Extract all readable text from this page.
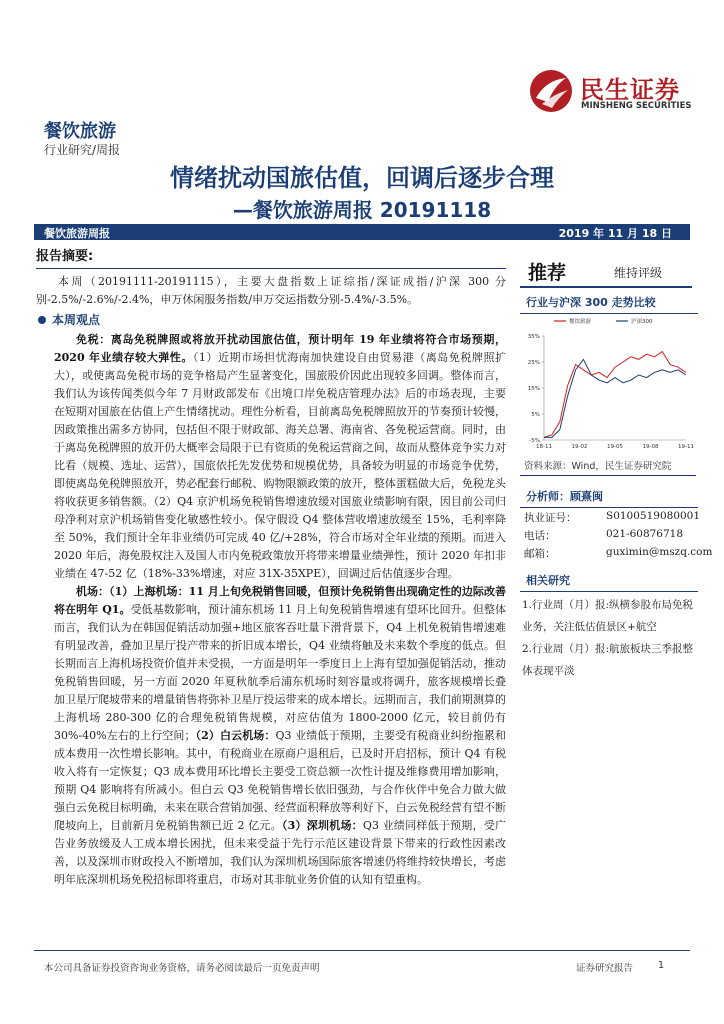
民生证券
MINSHENG SECURITIES
餐饮旅游
行业研究/周报
情绪扰动国旅估值，回调后逐步合理
—餐饮旅游周报 20191118
餐饮旅游周报	2019 年 11 月 18 日
报告摘要:

本周（20191111-20191115），主要大盘指数上证综指/深证成指/沪深 300 分别-2.5%/-2.6%/-2.4%，申万休闲服务指数/申万交运指数分别-5.4%/-3.5%。

本周观点

免税：离岛免税牌照或将放开扰动国旅估值，预计明年 19 年业绩将符合市场预期，2020 年业绩存较大弹性。（1）近期市场担忧海南加快建设自由贸易港（离岛免税牌照扩大），或使离岛免税市场的竞争格局产生显著变化，国旅股价因此出现较多回调。整体而言，我们认为该传闻类似今年 7 月财政部发布《出境口岸免税店管理办法》后的市场表现，主要在短期对国旅在估值上产生情绪扰动。理性分析看，目前离岛免税牌照放开的节奏预计较慢，因政策推出需多方协同，包括但不限于财政部、海关总署、海南省、各免税运营商。同时，由于离岛免税牌照的放开仍大概率会局限于已有资质的免税运营商之间，故而从整体竞争实力对比看（规模、选址、运营），国旅依托先发优势和规模优势，具备较为明显的市场竞争优势，即使离岛免税牌照放开，势必配套行邮税、购物限额政策的放开，整体蛋糕做大后，免税龙头将收获更多销售额。（2）Q4 京沪机场免税销售增速放缓对国旅业绩影响有限，因目前公司归母净利对京沪机场销售变化敏感性较小。保守假设 Q4 整体营收增速放缓至 15%，毛利率降至 50%，我们预计全年非业绩仍可完成 40 亿/+28%，符合市场对全年业绩的预期。而进入 2020 年后，海免股权注入及国人市内免税政策放开将带来增量业绩弹性，预计 2020 年扣非业绩在 47-52 亿（18%-33%增速，对应 31X-35XPE），回调过后估值逐步合理。

机场：（1）上海机场：11 月上旬免税销售回暖，但预计免税销售出现确定性的边际改善将在明年 Q1。受低基数影响，预计浦东机场 11 月上旬免税销售增速有望环比回升。但整体而言，我们认为在韩国促销活动加强+地区旅客吞吐量下滑背景下，Q4 上机免税销售增速难有明显改善，叠加卫星厅投产带来的折旧成本增长，Q4 业绩将触及未来数个季度的低点。但长期而言上海机场投资价值并未受损，一方面是明年一季度日上上海有望加强促销活动，推动免税销售回暖，另一方面 2020 年夏秋航季后浦东机场时刻容量或将调升，旅客规模增长叠加卫星厅爬坡带来的增量销售将弥补卫星厅投运带来的成本增长。远期而言，我们前期测算的上海机场 280-300 亿的合理免税销售规模，对应估值为 1800-2000 亿元，较目前仍有 30%-40%左右的上行空间；（2）白云机场：Q3 业绩低于预期，主要受有税商业纠纷拖累和成本费用一次性增长影响。其中，有税商业在原商户退租后，已及时开启招标，预计 Q4 有税收入将有一定恢复；Q3 成本费用环比增长主要受工资总额一次性计提及维修费用增加影响，预期 Q4 影响将有所减小。但白云 Q3 免税销售增长依旧强劲，与合作伙伴中免合力做大做强白云免税目标明确，未来在联合营销加强、经营面积释放等利好下，白云免税经营有望不断爬坡向上，目前新月免税销售额已近 2 亿元。（3）深圳机场：Q3 业绩同样低于预期，受广告业务放缓及人工成本增长困扰，但未来受益于先行示范区建设背景下带来的行政性因素改善，以及深圳市财政投入不断增加，我们认为深圳机场国际旅客增速仍将维持较快增长，考虑明年底深圳机场免税招标即将重启，市场对其非航业务价值的认知有望重构。

推荐	维持评级
行业与沪深 300 走势比较
-5%
5%
15%
25%
35%
18-11	19-02	19-05	19-08	19-11
餐饮旅游	沪深300
资料来源：Wind，民生证券研究院
分析师：顾熹闽
执业证号：	S0100519080001
电话：	021-60876718
邮箱：	guximin@mszq.com
相关研究
1.行业周（月）报:纵横参股布局免税业务，关注低估值景区+航空
2.行业周（月）报:航旅板块三季报整体表现平淡
本公司具备证券投资咨询业务资格，请务必阅读最后一页免责声明	证券研究报告	1
